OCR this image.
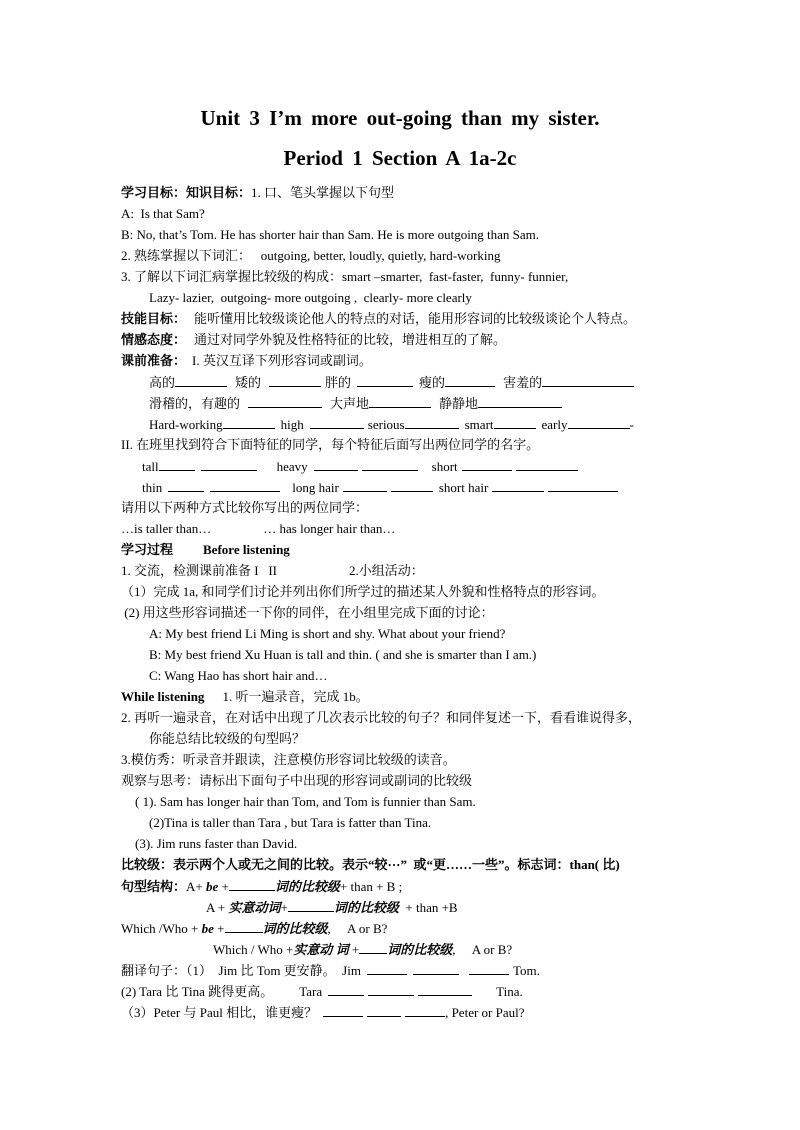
Unit 3 I’m more out-going than my sister.
Period 1 Section A 1a-2c
学习目标：知识目标：1. 口、笔头掌握以下句型
A:  Is that Sam?
B: No, that’s Tom. He has shorter hair than Sam. He is more outgoing than Sam.
2. 熟练掌握以下词汇：   outgoing, better, loudly, quietly, hard-working
3. 了解以下词汇病掌握比较级的构成：smart –smarter,  fast-faster,  funny- funnier,
Lazy- lazier,  outgoing- more outgoing ,  clearly- more clearly
技能目标： 能听懂用比较级谈论他人的特点的对话，能用形容词的比较级谈论个人特点。
情感态度： 通过对同学外貌及性格特征的比较，增进相互的了解。
课前准备： I. 英汉互译下列形容词或副词。
高的	矮的	胖的	瘦的	害羞的
滑稽的，有趣的	大声地	静静地
Hard-working	high	serious	smart	early	-
II. 在班里找到符合下面特征的同学，每个特征后面写出两位同学的名字。
tall	heavy	short
thin	long hair	short hair
请用以下两种方式比较你写出的两位同学：
…is taller than…	… has longer hair than…
学习过程 Before listening
1. 交流，检测课前准备 I   II	2.小组活动：
（1）完成 1a, 和同学们讨论并列出你们所学过的描述某人外貌和性格特点的形容词。
(2) 用这些形容词描述一下你的同伴，在小组里完成下面的讨论：
A: My best friend Li Ming is short and shy. What about your friend?
B: My best friend Xu Huan is tall and thin. ( and she is smarter than I am.)
C: Wang Hao has short hair and…
While listening 1. 听一遍录音，完成 1b。
2. 再听一遍录音，在对话中出现了几次表示比较的句子？和同伴复述一下，看看谁说得多，
你能总结比较级的句型吗？
3.模仿秀：听录音并跟读，注意模仿形容词比较级的读音。
观察与思考：请标出下面句子中出现的形容词或副词的比较级
( 1). Sam has longer hair than Tom, and Tom is funnier than Sam.
(2)Tina is taller than Tara , but Tara is fatter than Tina.
(3). Jim runs faster than David.
比较级：表示两个人或无之间的比较。表示“较···”  或“更……一些”。标志词：than( 比)
句型结构：A+ be +	词的比较级+ than + B ;
A + 实意动词+	词的比较级  + than +B
Which /Who + be +	词的比较级,     A or B?
Which / Who +实意动 词 + 词的比较级,     A or B?
翻译句子：（1）  Jim 比 Tom 更安静。  Jim	Tom.
(2) Tara 比 Tina 跳得更高。        Tara	Tina.
（3）Peter 与 Paul 相比，谁更瘦？	, Peter or Paul?
